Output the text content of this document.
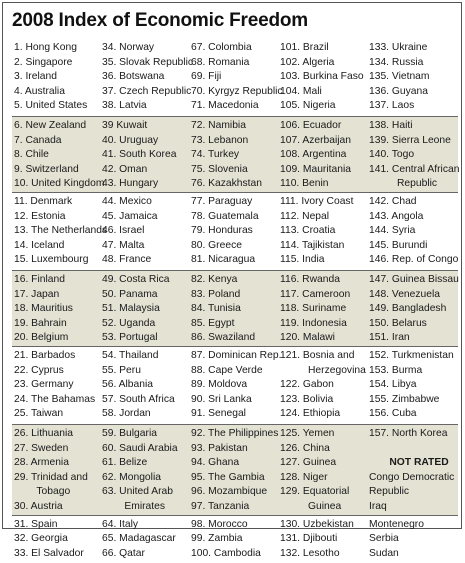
2008 Index of Economic Freedom
1. Hong Kong
2. Singapore
3. Ireland
4. Australia
5. United States
34. Norway
35. Slovak Republic
36. Botswana
37. Czech Republic
38. Latvia
67. Colombia
68. Romania
69. Fiji
70. Kyrgyz Republic
71. Macedonia
101. Brazil
102. Algeria
103. Burkina Faso
104. Mali
105. Nigeria
133. Ukraine
134. Russia
135. Vietnam
136. Guyana
137. Laos
6. New Zealand
7. Canada
8. Chile
9. Switzerland
10. United Kingdom
39 Kuwait
40. Uruguay
41. South Korea
42. Oman
43. Hungary
72. Namibia
73. Lebanon
74. Turkey
75. Slovenia
76. Kazakhstan
106. Ecuador
107. Azerbaijan
108. Argentina
109. Mauritania
110. Benin
138. Haiti
139. Sierra Leone
140. Togo
141. Central African
Republic
11. Denmark
12. Estonia
13. The Netherlands
14. Iceland
15. Luxembourg
44. Mexico
45. Jamaica
46. Israel
47. Malta
48. France
77. Paraguay
78. Guatemala
79. Honduras
80. Greece
81. Nicaragua
111. Ivory Coast
112. Nepal
113. Croatia
114. Tajikistan
115. India
142. Chad
143. Angola
144. Syria
145. Burundi
146. Rep. of Congo
16. Finland
17. Japan
18. Mauritius
19. Bahrain
20. Belgium
49. Costa Rica
50. Panama
51. Malaysia
52. Uganda
53. Portugal
82. Kenya
83. Poland
84. Tunisia
85. Egypt
86. Swaziland
116. Rwanda
117. Cameroon
118. Suriname
119. Indonesia
120. Malawi
147. Guinea Bissau
148. Venezuela
149. Bangladesh
150. Belarus
151. Iran
21. Barbados
22. Cyprus
23. Germany
24. The Bahamas
25. Taiwan
54. Thailand
55. Peru
56. Albania
57. South Africa
58. Jordan
87. Dominican Rep.
88. Cape Verde
89. Moldova
90. Sri Lanka
91. Senegal
121. Bosnia and
Herzegovina
122. Gabon
123. Bolivia
124. Ethiopia
152. Turkmenistan
153. Burma
154. Libya
155. Zimbabwe
156. Cuba
26. Lithuania
27. Sweden
28. Armenia
29. Trinidad and
Tobago
30. Austria
59. Bulgaria
60. Saudi Arabia
61. Belize
62. Mongolia
63. United Arab
Emirates
92. The Philippines
93. Pakistan
94. Ghana
95. The Gambia
96. Mozambique
97. Tanzania
125. Yemen
126. China
127. Guinea
128. Niger
129. Equatorial
Guinea
157. North Korea
NOT RATED
Congo Democratic
Republic
Iraq
31. Spain
32. Georgia
33. El Salvador
64. Italy
65. Madagascar
66. Qatar
98. Morocco
99. Zambia
100. Cambodia
130. Uzbekistan
131. Djibouti
132. Lesotho
Montenegro
Serbia
Sudan
